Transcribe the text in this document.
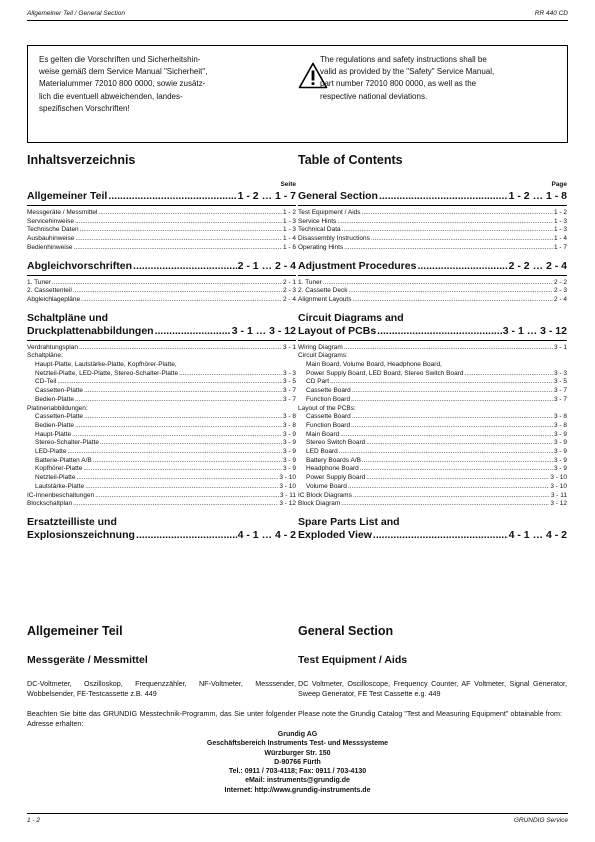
Allgemeiner Teil / General Section	RR 440 CD
Es gelten die Vorschriften und Sicherheitshin-
weise gemäß dem Service Manual "Sicherheit",
Materialummer 72010 800 0000, sowie zusätz-
lich die eventuell abweichenden, landes-
spezifischen Vorschriften!
The regulations and safety instructions shall be
valid as provided by the "Safety" Service Manual,
part number 72010 800 0000, as well as the
respective national deviations.
Inhaltsverzeichnis
Seite
Allgemeiner Teil .....	1 - 2 … 1 - 7
Messgeräte / Messmittel .....	1 - 2
Servicehinweise .....	1 - 3
Technische Daten .....	1 - 3
Ausbauhinweise .....	1 - 4
Bedienhinweise .....	1 - 6
Abgleichvorschriften .....	2 - 1 … 2 - 4
1. Tuner .....	2 - 1
2. Cassettenteil .....	2 - 3
Abgleichlagepläne .....	2 - 4
Schaltpläne und
Druckplattenabbildungen .....	3 - 1 … 3 - 12
Verdrahtungsplan .....	3 - 1
Schaltpläne:
Haupt-Platte, Lautstärke-Platte, Kopfhörer-Platte,
Netzteil-Platte, LED-Platte, Stereo-Schalter-Platte .....	3 - 3
CD-Teil .....	3 - 5
Cassetten-Platte .....	3 - 7
Bedien-Platte .....	3 - 7
Platinenabbildungen:
Cassetten-Platte .....	3 - 8
Bedien-Platte .....	3 - 8
Haupt-Platte .....	3 - 9
Stereo-Schalter-Platte .....	3 - 9
LED-Platte .....	3 - 9
Batterie-Platten A/B .....	3 - 9
Kopfhörer-Platte .....	3 - 9
Netzteil-Platte .....	3 - 10
Lautstärke-Platte .....	3 - 10
IC-Innenbeschaltungen .....	3 - 11
Blockschaltplan .....	3 - 12
Ersatzteilliste und
Explosionszeichnung .....	4 - 1 … 4 - 2
Table of Contents
Page
General Section .....	1 - 2 … 1 - 8
Test Equipment / Aids .....	1 - 2
Service Hints .....	1 - 3
Technical Data .....	1 - 3
Disassembly Instructions .....	1 - 4
Operating Hints .....	1 - 7
Adjustment Procedures .....	2 - 2 … 2 - 4
1. Tuner .....	2 - 2
2. Cassette Deck .....	2 - 3
Alignment Layouts .....	2 - 4
Circuit Diagrams and
Layout of PCBs .....	3 - 1 … 3 - 12
Wiring Diagram .....	3 - 1
Circuit Diagrams:
Main Board, Volume Board, Headphone Board,
Power Supply Board, LED Board, Stereo Switch Board .....	3 - 3
CD Part .....	3 - 5
Cassette Board .....	3 - 7
Function Board .....	3 - 7
Layout of the PCBs:
Cassette Board .....	3 - 8
Function Board .....	3 - 8
Main Board .....	3 - 9
Stereo Switch Board .....	3 - 9
LED Board .....	3 - 9
Battery Boards A/B .....	3 - 9
Headphone Board .....	3 - 9
Power Supply Board .....	3 - 10
Volume Board .....	3 - 10
IC Block Diagrams .....	3 - 11
Block Diagram .....	3 - 12
Spare Parts List and
Exploded View .....	4 - 1 … 4 - 2
Allgemeiner Teil
Messgeräte / Messmittel
DC-Voltmeter, Oszilloskop, Frequenzzähler, NF-Voltmeter, Messsender, Wobbelsender, FE-Testcassette z.B. 449
Beachten Sie bitte das GRUNDIG Messtechnik-Programm, das Sie unter folgender Adresse erhalten:
General Section
Test Equipment / Aids
DC Voltmeter, Oscilloscope, Frequency Counter, AF Voltmeter, Signal Generator, Sweep Generator, FE Test Cassette e.g. 449
Please note the Grundig Catalog "Test and Measuring Equipment" obtainable from:
Grundig AG
Geschäftsbereich Instruments Test- und Messsysteme
Würzburger Str. 150
D-90766 Fürth
Tel.: 0911 / 703-4118; Fax: 0911 / 703-4130
eMail: instruments@grundig.de
Internet: http://www.grundig-instruments.de
1 - 2	GRUNDIG Service
